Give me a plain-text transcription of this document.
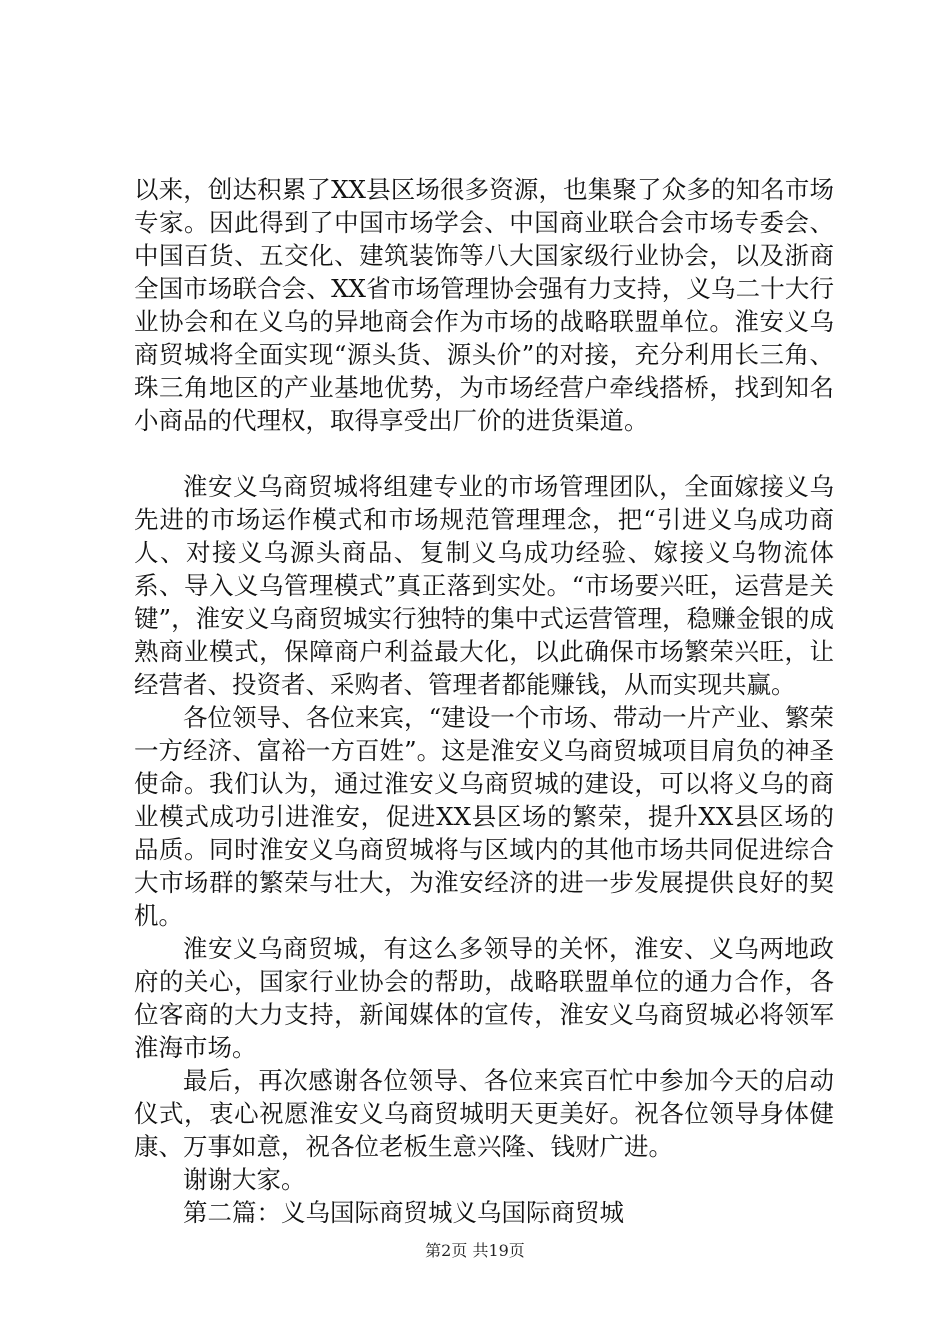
以来，创达积累了XX县区场很多资源，也集聚了众多的知名市场专家。因此得到了中国市场学会、中国商业联合会市场专委会、中国百货、五交化、建筑装饰等八大国家级行业协会，以及浙商全国市场联合会、XX省市场管理协会强有力支持，义乌二十大行业协会和在义乌的异地商会作为市场的战略联盟单位。淮安义乌商贸城将全面实现“源头货、源头价”的对接，充分利用长三角、珠三角地区的产业基地优势，为市场经营户牵线搭桥，找到知名小商品的代理权，取得享受出厂价的进货渠道。

淮安义乌商贸城将组建专业的市场管理团队，全面嫁接义乌先进的市场运作模式和市场规范管理理念，把“引进义乌成功商人、对接义乌源头商品、复制义乌成功经验、嫁接义乌物流体系、导入义乌管理模式”真正落到实处。“市场要兴旺，运营是关键”，淮安义乌商贸城实行独特的集中式运营管理，稳赚金银的成熟商业模式，保障商户利益最大化，以此确保市场繁荣兴旺，让经营者、投资者、采购者、管理者都能赚钱，从而实现共赢。

各位领导、各位来宾，“建设一个市场、带动一片产业、繁荣一方经济、富裕一方百姓”。这是淮安义乌商贸城项目肩负的神圣使命。我们认为，通过淮安义乌商贸城的建设，可以将义乌的商业模式成功引进淮安，促进XX县区场的繁荣，提升XX县区场的品质。同时淮安义乌商贸城将与区域内的其他市场共同促进综合大市场群的繁荣与壮大，为淮安经济的进一步发展提供良好的契机。

淮安义乌商贸城，有这么多领导的关怀，淮安、义乌两地政府的关心，国家行业协会的帮助，战略联盟单位的通力合作，各位客商的大力支持，新闻媒体的宣传，淮安义乌商贸城必将领军淮海市场。

最后，再次感谢各位领导、各位来宾百忙中参加今天的启动仪式，衷心祝愿淮安义乌商贸城明天更美好。祝各位领导身体健康、万事如意，祝各位老板生意兴隆、钱财广进。

谢谢大家。

第二篇：义乌国际商贸城义乌国际商贸城

第2页 共19页
